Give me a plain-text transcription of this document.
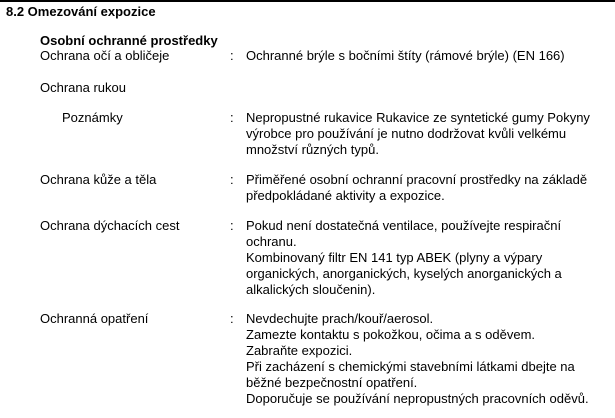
8.2 Omezování expozice
Osobní ochranné prostředky
Ochrana očí a obličeje	: Ochranné brýle s bočními štíty (rámové brýle) (EN 166)
Ochrana rukou
Poznámky	: Nepropustné rukavice Rukavice ze syntetické gumy Pokyny
výrobce pro používání je nutno dodržovat kvůli velkému
množství různých typů.
Ochrana kůže a těla	: Přiměřené osobní ochranní pracovní prostředky na základě
předpokládané aktivity a expozice.
Ochrana dýchacích cest	: Pokud není dostatečná ventilace, používejte respirační
ochranu.
Kombinovaný filtr EN 141 typ ABEK (plyny a výpary
organických, anorganických, kyselých anorganických a
alkalických sloučenin).
Ochranná opatření	: Nevdechujte prach/kouř/aerosol.
Zamezte kontaktu s pokožkou, očima a s oděvem.
Zabraňte expozici.
Při zacházení s chemickými stavebními látkami dbejte na
běžné bezpečnostní opatření.
Doporučuje se používání nepropustných pracovních oděvů.
